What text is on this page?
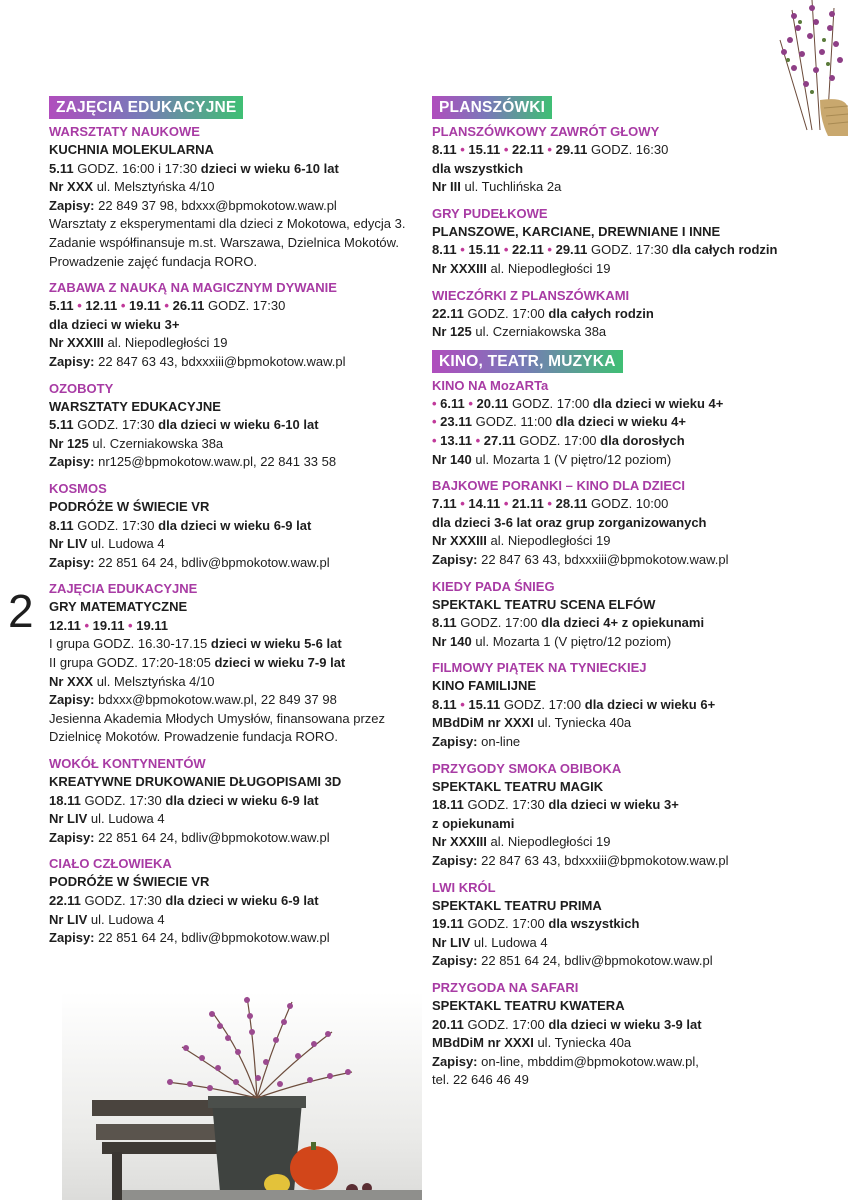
ZAJĘCIA EDUKACYJNE
WARSZTATY NAUKOWE
KUCHNIA MOLEKULARNA
5.11 GODZ. 16:00 i 17:30 dzieci w wieku 6-10 lat
Nr XXX ul. Melsztyńska 4/10
Zapisy: 22 849 37 98, bdxxx@bpmokotow.waw.pl
Warsztaty z eksperymentami dla dzieci z Mokotowa, edycja 3. Zadanie współfinansuje m.st. Warszawa, Dzielnica Mokotów. Prowadzenie zajęć fundacja RORO.
ZABAWA Z NAUKĄ NA MAGICZNYM DYWANIE
5.11 • 12.11 • 19.11 • 26.11 GODZ. 17:30
dla dzieci w wieku 3+
Nr XXXIII al. Niepodległości 19
Zapisy: 22 847 63 43, bdxxxiii@bpmokotow.waw.pl
OZOBOTY
WARSZTATY EDUKACYJNE
5.11 GODZ. 17:30 dla dzieci w wieku 6-10 lat
Nr 125 ul. Czerniakowska 38a
Zapisy: nr125@bpmokotow.waw.pl, 22 841 33 58
KOSMOS
PODRÓŻE W ŚWIECIE VR
8.11 GODZ. 17:30 dla dzieci w wieku 6-9 lat
Nr LIV ul. Ludowa 4
Zapisy: 22 851 64 24, bdliv@bpmokotow.waw.pl
ZAJĘCIA EDUKACYJNE
GRY MATEMATYCZNE
12.11 • 19.11 • 19.11
I grupa GODZ. 16.30-17.15 dzieci w wieku 5-6 lat
II grupa GODZ. 17:20-18:05 dzieci w wieku 7-9 lat
Nr XXX ul. Melsztyńska 4/10
Zapisy: bdxxx@bpmokotow.waw.pl, 22 849 37 98
Jesienna Akademia Młodych Umysłów, finansowana przez Dzielnicę Mokotów. Prowadzenie fundacja RORO.
WOKÓŁ KONTYNENTÓW
KREATYWNE DRUKOWANIE DŁUGOPISAMI 3D
18.11 GODZ. 17:30 dla dzieci w wieku 6-9 lat
Nr LIV ul. Ludowa 4
Zapisy: 22 851 64 24, bdliv@bpmokotow.waw.pl
CIAŁO CZŁOWIEKA
PODRÓŻE W ŚWIECIE VR
22.11 GODZ. 17:30 dla dzieci w wieku 6-9 lat
Nr LIV ul. Ludowa 4
Zapisy: 22 851 64 24, bdliv@bpmokotow.waw.pl
PLANSZÓWKI
PLANSZÓWKOWY ZAWRÓT GŁOWY
8.11 • 15.11 • 22.11 • 29.11 GODZ. 16:30
dla wszystkich
Nr III ul. Tuchlińska 2a
GRY PUDEŁKOWE
PLANSZOWE, KARCIANE, DREWNIANE I INNE
8.11 • 15.11 • 22.11 • 29.11 GODZ. 17:30 dla całych rodzin
Nr XXXIII al. Niepodległości 19
WIECZÓRKI Z PLANSZÓWKAMI
22.11 GODZ. 17:00 dla całych rodzin
Nr 125 ul. Czerniakowska 38a
KINO, TEATR, MUZYKA
KINO NA MozARTa
• 6.11 • 20.11 GODZ. 17:00 dla dzieci w wieku 4+
• 23.11 GODZ. 11:00 dla dzieci w wieku 4+
• 13.11 • 27.11 GODZ. 17:00 dla dorosłych
Nr 140 ul. Mozarta 1 (V piętro/12 poziom)
BAJKOWE PORANKI – KINO DLA DZIECI
7.11 • 14.11 • 21.11 • 28.11 GODZ. 10:00
dla dzieci 3-6 lat oraz grup zorganizowanych
Nr XXXIII al. Niepodległości 19
Zapisy: 22 847 63 43, bdxxxiii@bpmokotow.waw.pl
KIEDY PADA ŚNIEG
SPEKTAKL TEATRU SCENA ELFÓW
8.11 GODZ. 17:00 dla dzieci 4+ z opiekunami
Nr 140 ul. Mozarta 1 (V piętro/12 poziom)
FILMOWY PIĄTEK NA TYNIECKIEJ
KINO FAMILIJNE
8.11 • 15.11 GODZ. 17:00 dla dzieci w wieku 6+
MBdDiM nr XXXI ul. Tyniecka 40a
Zapisy: on-line
PRZYGODY SMOKA OBIBOKA
SPEKTAKL TEATRU MAGIK
18.11 GODZ. 17:30 dla dzieci w wieku 3+
z opiekunami
Nr XXXIII al. Niepodległości 19
Zapisy: 22 847 63 43, bdxxxiii@bpmokotow.waw.pl
LWI KRÓL
SPEKTAKL TEATRU PRIMA
19.11 GODZ. 17:00 dla wszystkich
Nr LIV ul. Ludowa 4
Zapisy: 22 851 64 24, bdliv@bpmokotow.waw.pl
PRZYGODA NA SAFARI
SPEKTAKL TEATRU KWATERA
20.11 GODZ. 17:00 dla dzieci w wieku 3-9 lat
MBdDiM nr XXXI ul. Tyniecka 40a
Zapisy: on-line, mbddim@bpmokotow.waw.pl,
tel. 22 646 46 49
2
